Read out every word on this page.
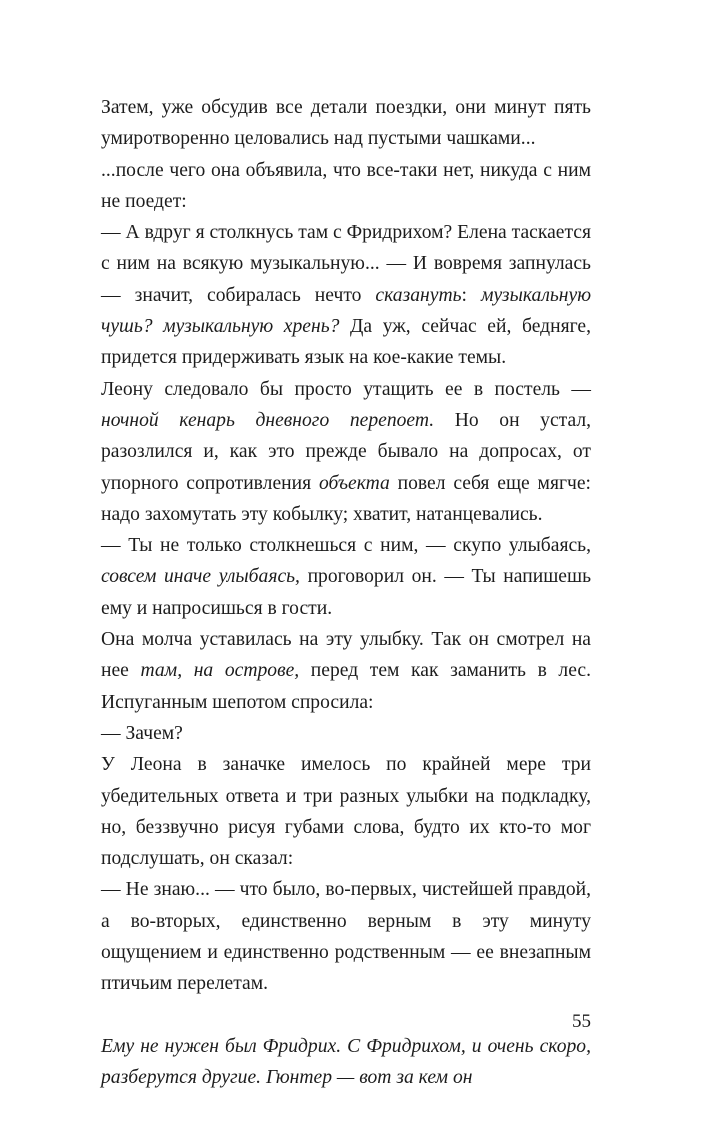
Затем, уже обсудив все детали поездки, они минут пять умиротворенно целовались над пустыми чашками...

...после чего она объявила, что все-таки нет, никуда с ним не поедет:

— А вдруг я столкнусь там с Фридрихом? Елена таскается с ним на всякую музыкальную... — И вовремя запнулась — значит, собиралась нечто сказануть: музыкальную чушь? музыкальную хрень? Да уж, сейчас ей, бедняге, придется придерживать язык на кое-какие темы.

Леону следовало бы просто утащить ее в постель — ночной кенарь дневного перепоет. Но он устал, разозлился и, как это прежде бывало на допросах, от упорного сопротивления объекта повел себя еще мягче: надо захомутать эту кобылку; хватит, натанцевались.

— Ты не только столкнешься с ним, — скупо улыбаясь, совсем иначе улыбаясь, проговорил он. — Ты напишешь ему и напросишься в гости.

Она молча уставилась на эту улыбку. Так он смотрел на нее там, на острове, перед тем как заманить в лес. Испуганным шепотом спросила:

— Зачем?

У Леона в заначке имелось по крайней мере три убедительных ответа и три разных улыбки на подкладку, но, беззвучно рисуя губами слова, будто их кто-то мог подслушать, он сказал:

— Не знаю... — что было, во-первых, чистейшей правдой, а во-вторых, единственно верным в эту минуту ощущением и единственно родственным — ее внезапным птичьим перелетам.

Ему не нужен был Фридрих. С Фридрихом, и очень скоро, разберутся другие. Гюнтер — вот за кем он

55
